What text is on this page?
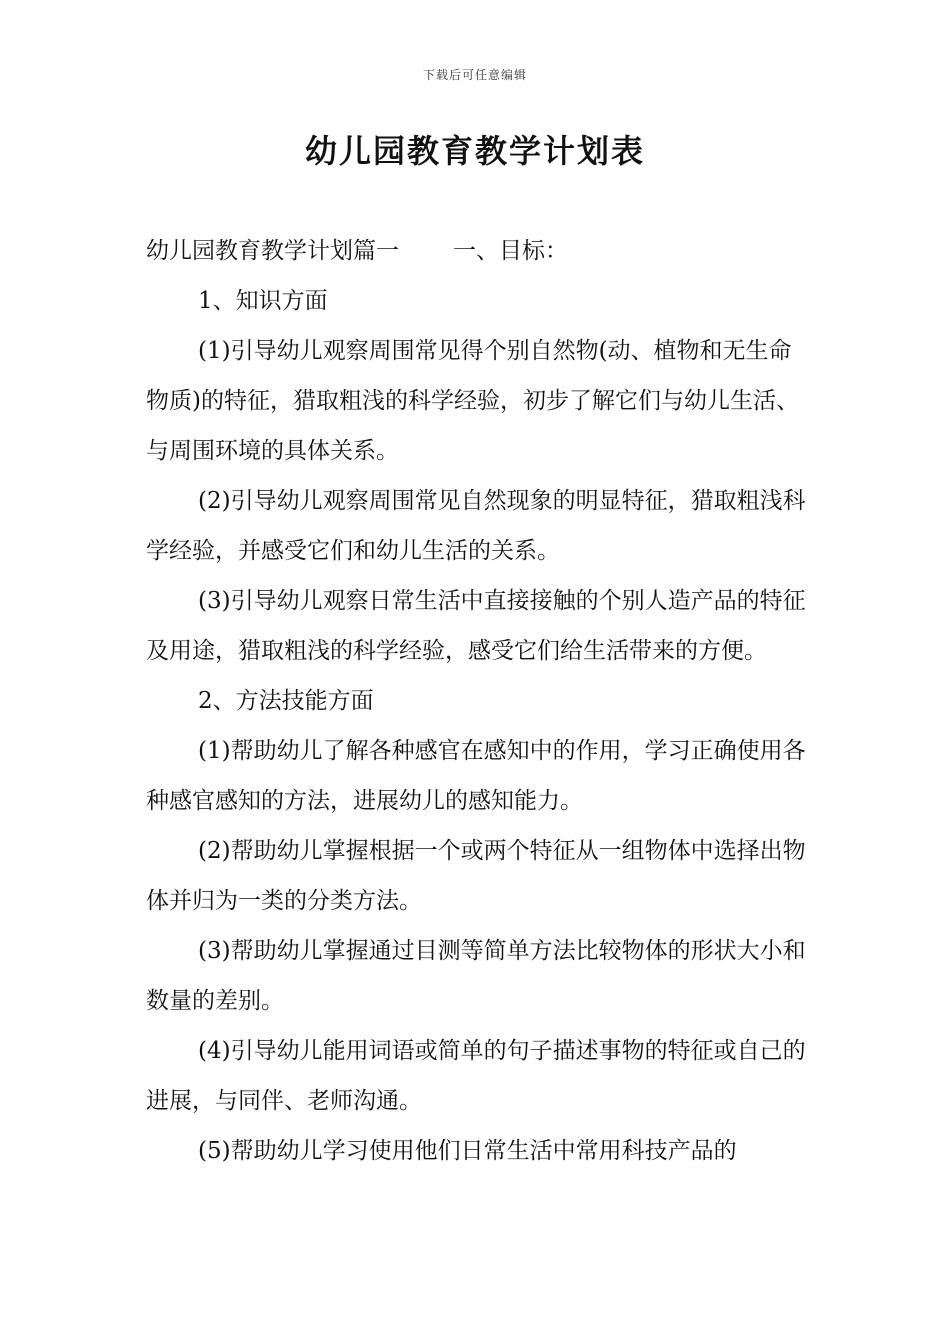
下载后可任意编辑
幼儿园教育教学计划表

幼儿园教育教学计划篇一 一、目标：

1、知识方面

(1)引导幼儿观察周围常见得个别自然物(动、植物和无生命物质)的特征，猎取粗浅的科学经验，初步了解它们与幼儿生活、与周围环境的具体关系。

(2)引导幼儿观察周围常见自然现象的明显特征，猎取粗浅科学经验，并感受它们和幼儿生活的关系。

(3)引导幼儿观察日常生活中直接接触的个别人造产品的特征及用途，猎取粗浅的科学经验，感受它们给生活带来的方便。

2、方法技能方面

(1)帮助幼儿了解各种感官在感知中的作用，学习正确使用各种感官感知的方法，进展幼儿的感知能力。

(2)帮助幼儿掌握根据一个或两个特征从一组物体中选择出物体并归为一类的分类方法。

(3)帮助幼儿掌握通过目测等简单方法比较物体的形状大小和数量的差别。

(4)引导幼儿能用词语或简单的句子描述事物的特征或自己的进展，与同伴、老师沟通。

(5)帮助幼儿学习使用他们日常生活中常用科技产品的
